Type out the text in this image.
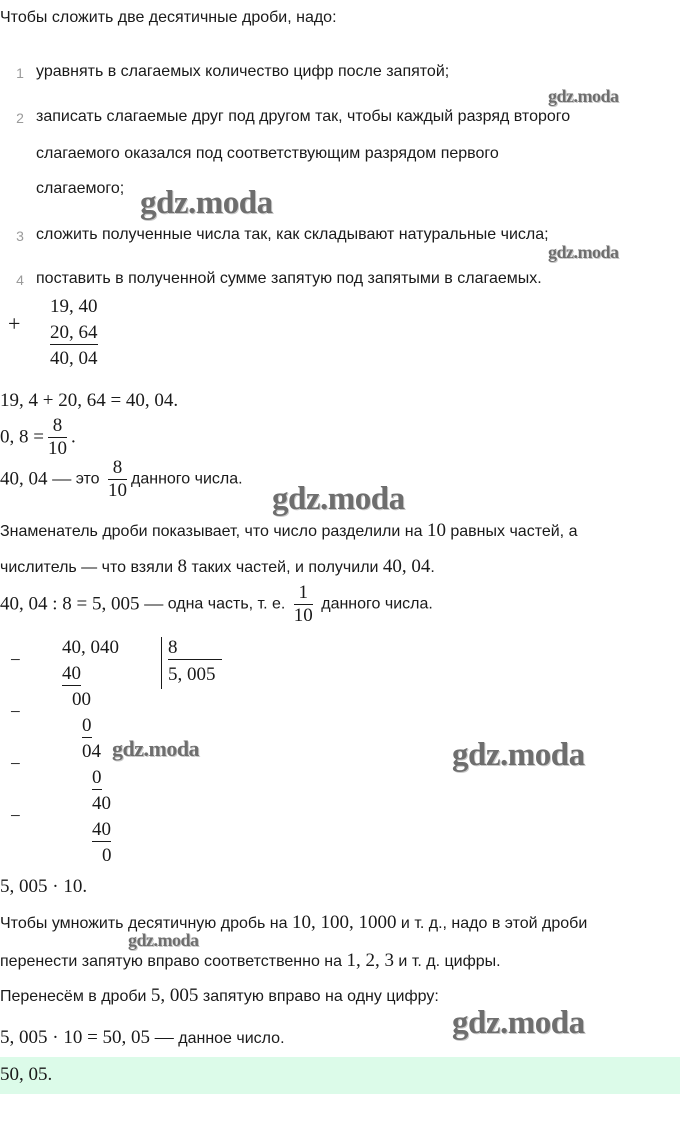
Чтобы сложить две десятичные дроби, надо:
1 уравнять в слагаемых количество цифр после запятой;
2 записать слагаемые друг под другом так, чтобы каждый разряд второго
слагаемого оказался под соответствующим разрядом первого
слагаемого;
3 сложить полученные числа так, как складывают натуральные числа;
4 поставить в полученной сумме запятую под запятыми в слагаемых.
+
19, 40
20, 64
40, 04
19, 4 + 20, 64 = 40, 04.
0, $8 = \frac{8}{10}$ .
40, 04 — это $\frac{8}{10}$ данного числа.
Знаменатель дроби показывает, что число разделили на 10 равных частей, а
числитель — что взяли 8 таких частей, и получили 40, 04.
40, 04 : 8 = 5, 005 — одна часть, т. е. $\frac{1}{10}$ данного числа.
−
−
−
−
40, 040	8
5, 005
40
00
0
04
0
40
40
0
5, 005 · 10.
Чтобы умножить десятичную дробь на 10, 100, 1000 и т. д., надо в этой дроби
перенести запятую вправо соответственно на 1, 2, 3 и т. д. цифры.
Перенесём в дроби 5, 005 запятую вправо на одну цифру:
5, 005 · 10 = 50, 05 — данное число.
50, 05.
gdz.moda
gdz.moda
gdz.moda
gdz.moda
gdz.moda	gdz.moda
gdz.moda
gdz.moda
